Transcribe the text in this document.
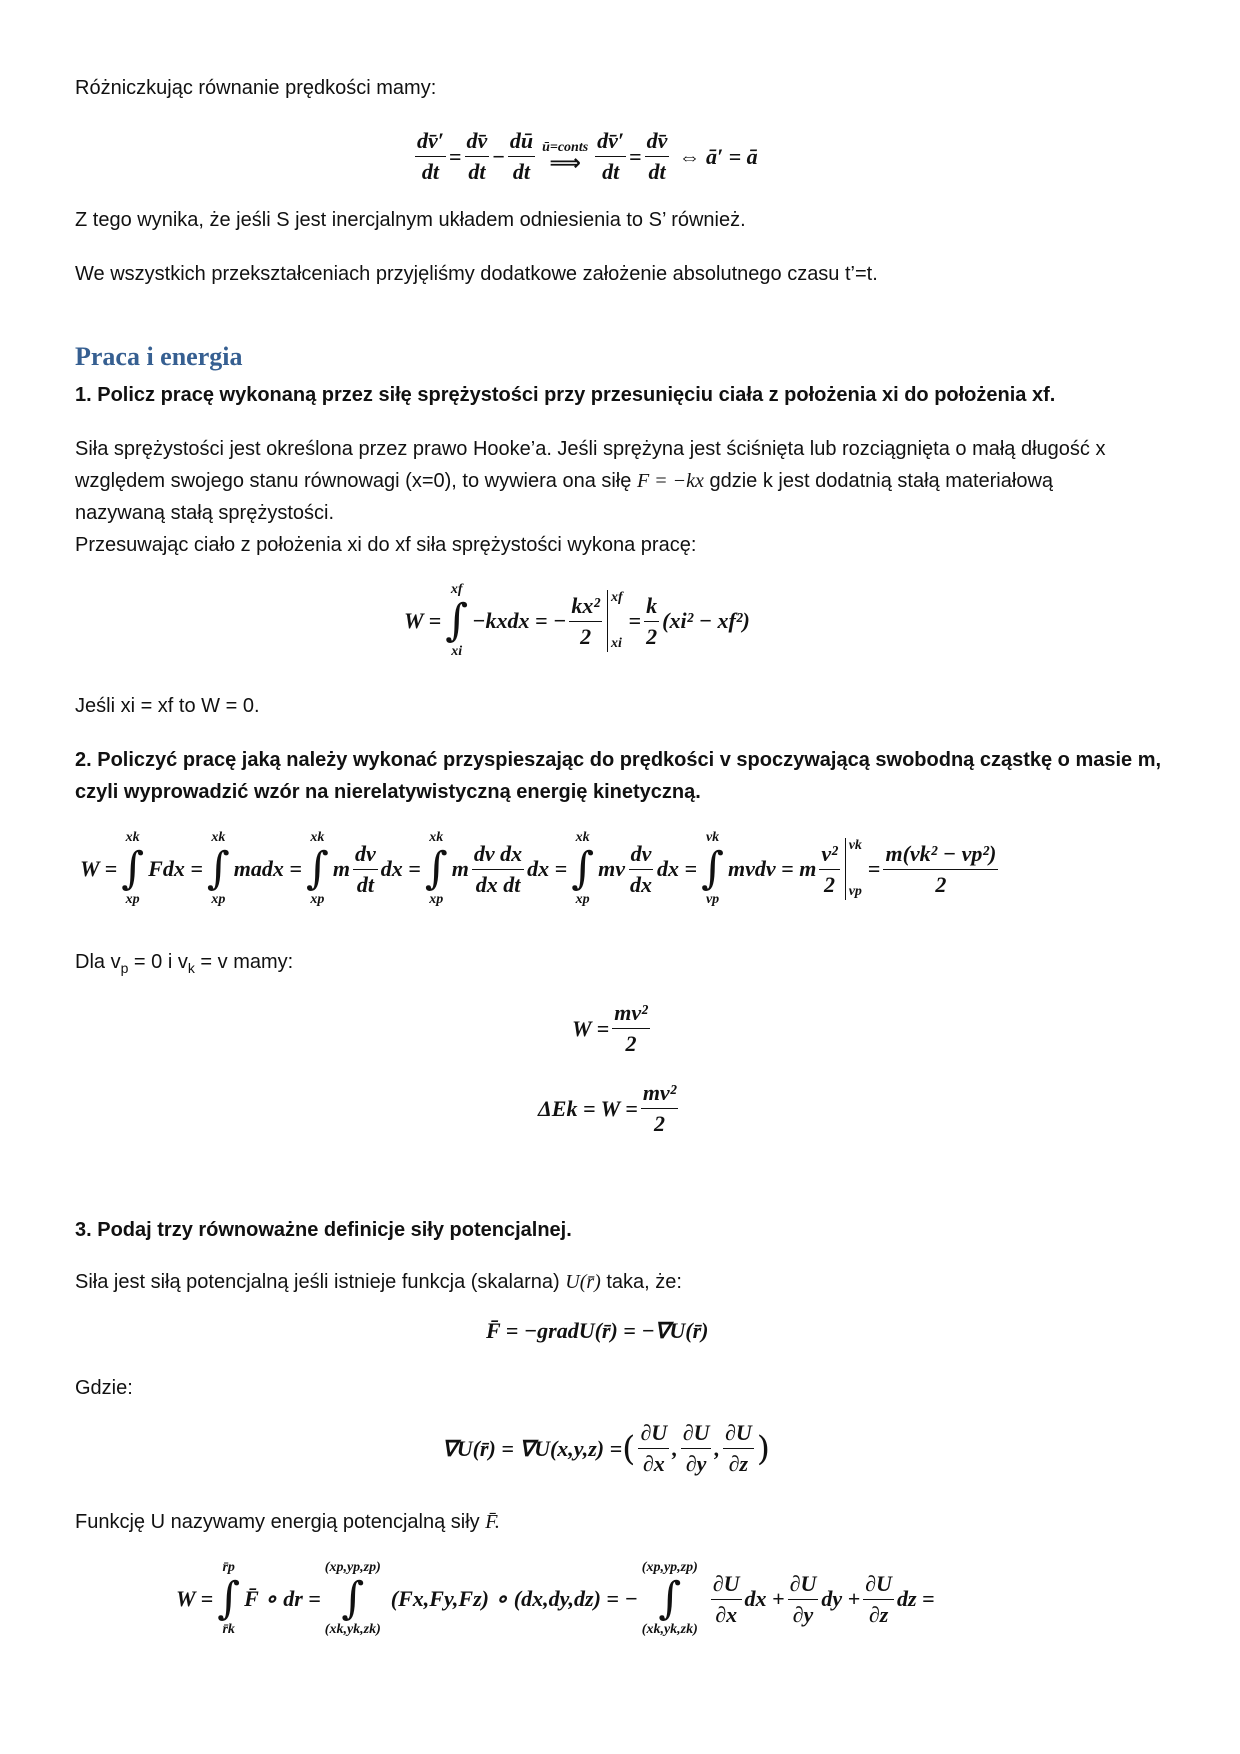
Różniczkując równanie prędkości mamy:
$\frac{dv̄'}{dt} = \frac{dv̄}{dt} - \frac{dū}{dt}$ ū=conts
⟹ $\frac{dv̄'}{dt} = \frac{dv̄}{dt}$ ⇔ ā′ = ā
Z tego wynika, że jeśli S jest inercjalnym układem odniesienia to S’ również.
We wszystkich przekształceniach przyjęliśmy dodatkowe założenie absolutnego czasu t’=t.
Praca i energia
1. Policz pracę wykonaną przez siłę sprężystości przy przesunięciu ciała z położenia xi do położenia xf.
Siła sprężystości jest określona przez prawo Hooke’a. Jeśli sprężyna jest ściśnięta lub rozciągnięta o małą długość x
względem swojego stanu równowagi (x=0), to wywiera ona siłę F = −kx gdzie k jest dodatnią stałą materiałową
nazywaną stałą sprężystości.
Przesuwając ciało z położenia xi do xf siła sprężystości wykona pracę:
W =
xf
∫
xi
−kxdx = − $\frac{\text{kx²}}{2}$ xf
xi
= $\frac{k}{2} (xi^2 - xf^2)$
Jeśli xi = xf to W = 0.
2. Policzyć pracę jaką należy wykonać przyspieszając do prędkości v spoczywającą swobodną cząstkę o masie m,
czyli wyprowadzić wzór na nierelatywistyczną energię kinetyczną.
W =
xk
∫
xp
Fdx =
xk
∫
xp
madx =
xk
∫
xp
m $\frac{dv}{dt}$ dx =
xk
∫
xp
m $\frac{\text{dv dx}}{\text{dx dt}}$ dx =
xk
∫
xp
mv $\frac{dv}{dx}$ dx =
vk
∫
vp
mvdv = m $\frac{\text{v²}}{2}$ vk
vp
= $\frac{\text{m(vk² − vp²)}}{2}$
Dla $v_p = 0$ i $v_k = v$ mamy:
$W = \frac{\text{mv²}}{2}$
$\Delta Ek = W = \frac{\text{mv²}}{2}$
3. Podaj trzy równoważne definicje siły potencjalnej.
Siła jest siłą potencjalną jeśli istnieje funkcja (skalarna) U(r̄) taka, że:
F̄ = −gradU(r̄) = −∇U(r̄)
Gdzie:
∇U(r̄) = ∇U(x,y,z) = ( $\frac{\partial U}{\partial x}$ , $\frac{\partial U}{\partial y}$ , $\frac{\partial U}{\partial z}$ )
Funkcję U nazywamy energią potencjalną siły F̄.
W =
r̄p
∫
r̄k
F̄ ∘ dr =
(xp,yp,zp)
∫
(xk,yk,zk)
(Fx,Fy,Fz) ∘ (dx,dy,dz) = −
(xp,yp,zp)
∫
(xk,yk,zk)
$\frac{\partial U}{\partial x}$ dx + $\frac{\partial U}{\partial y}$ dy + $\frac{\partial U}{\partial z}$ dz =
